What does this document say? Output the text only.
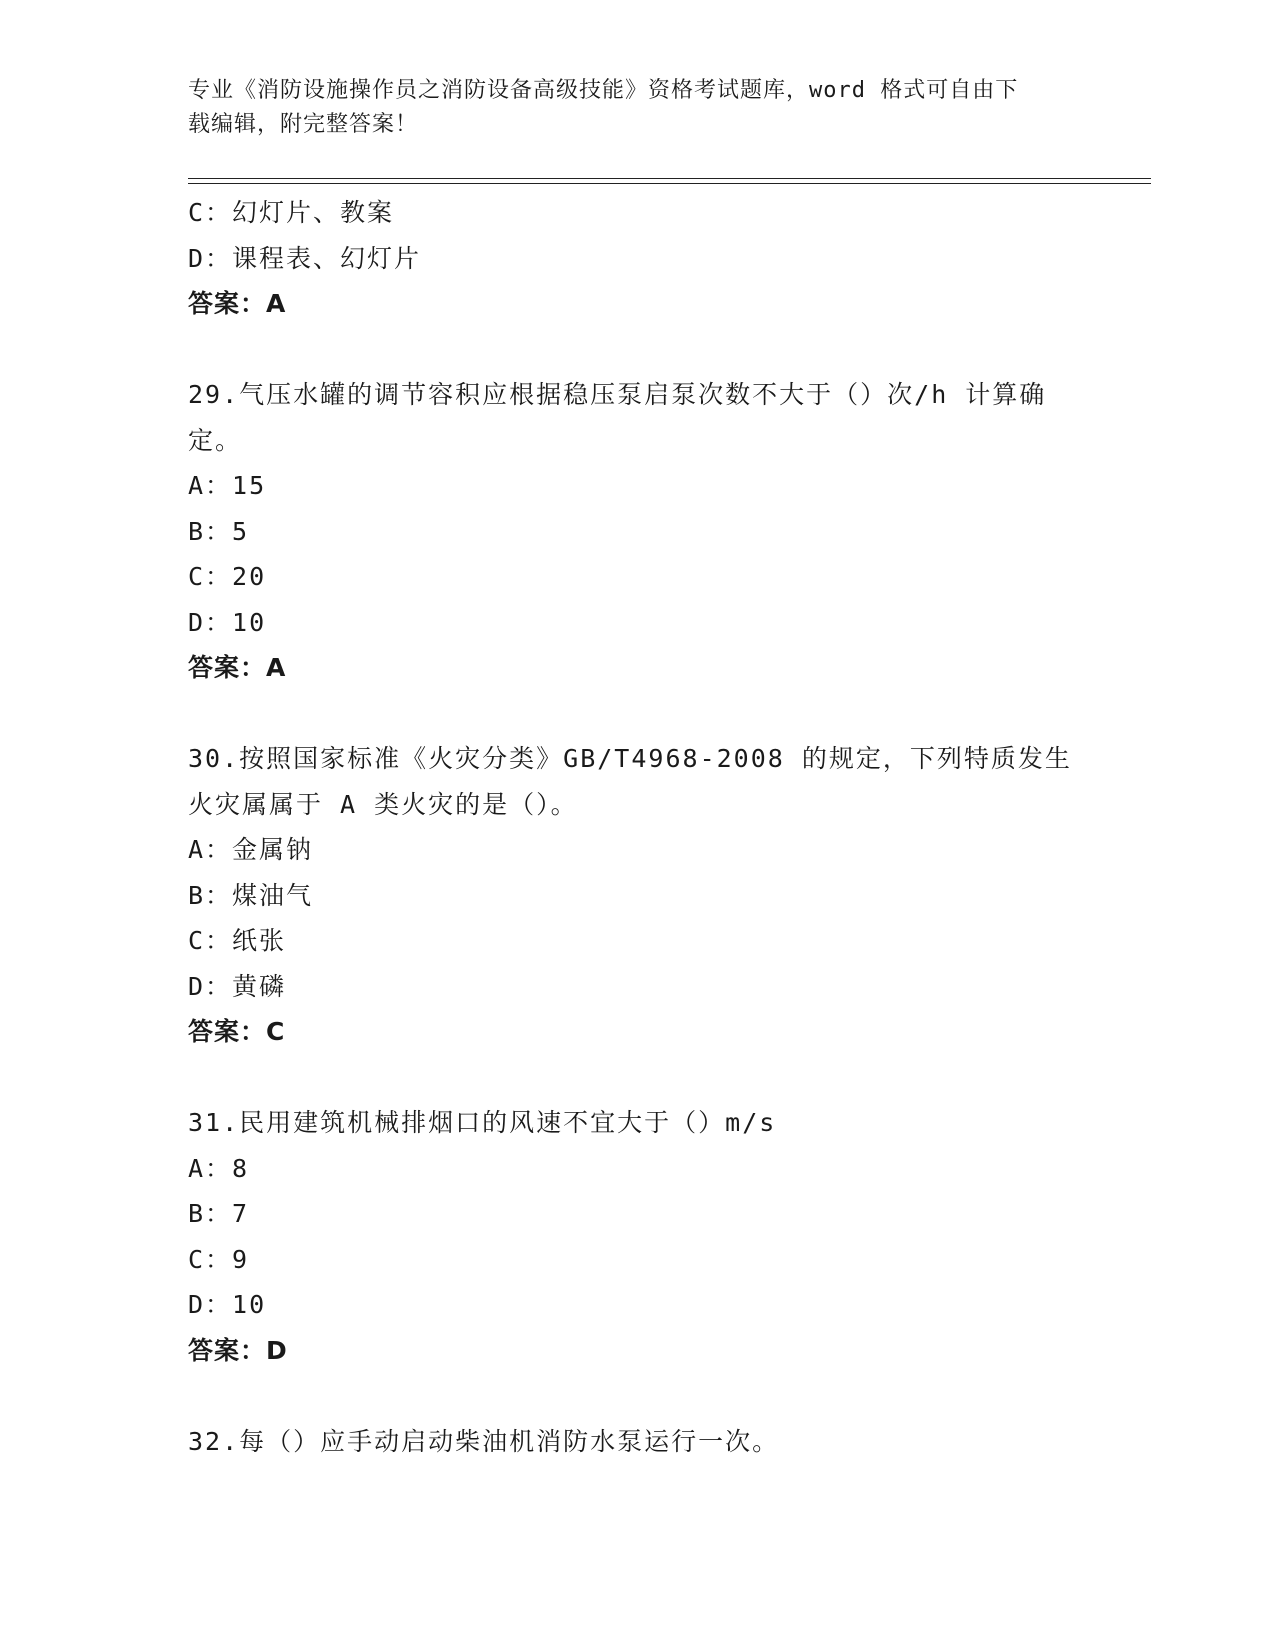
专业《消防设施操作员之消防设备高级技能》资格考试题库，word 格式可自由下
载编辑，附完整答案！
C：幻灯片、教案
D：课程表、幻灯片
答案：A
29.气压水罐的调节容积应根据稳压泵启泵次数不大于（）次/h 计算确
定。
A：15
B：5
C：20
D：10
答案：A
30.按照国家标准《火灾分类》GB/T4968-2008 的规定，下列特质发生
火灾属属于 A 类火灾的是（）。
A：金属钠
B：煤油气
C：纸张
D：黄磷
答案：C
31.民用建筑机械排烟口的风速不宜大于（）m/s
A：8
B：7
C：9
D：10
答案：D
32.每（）应手动启动柴油机消防水泵运行一次。
